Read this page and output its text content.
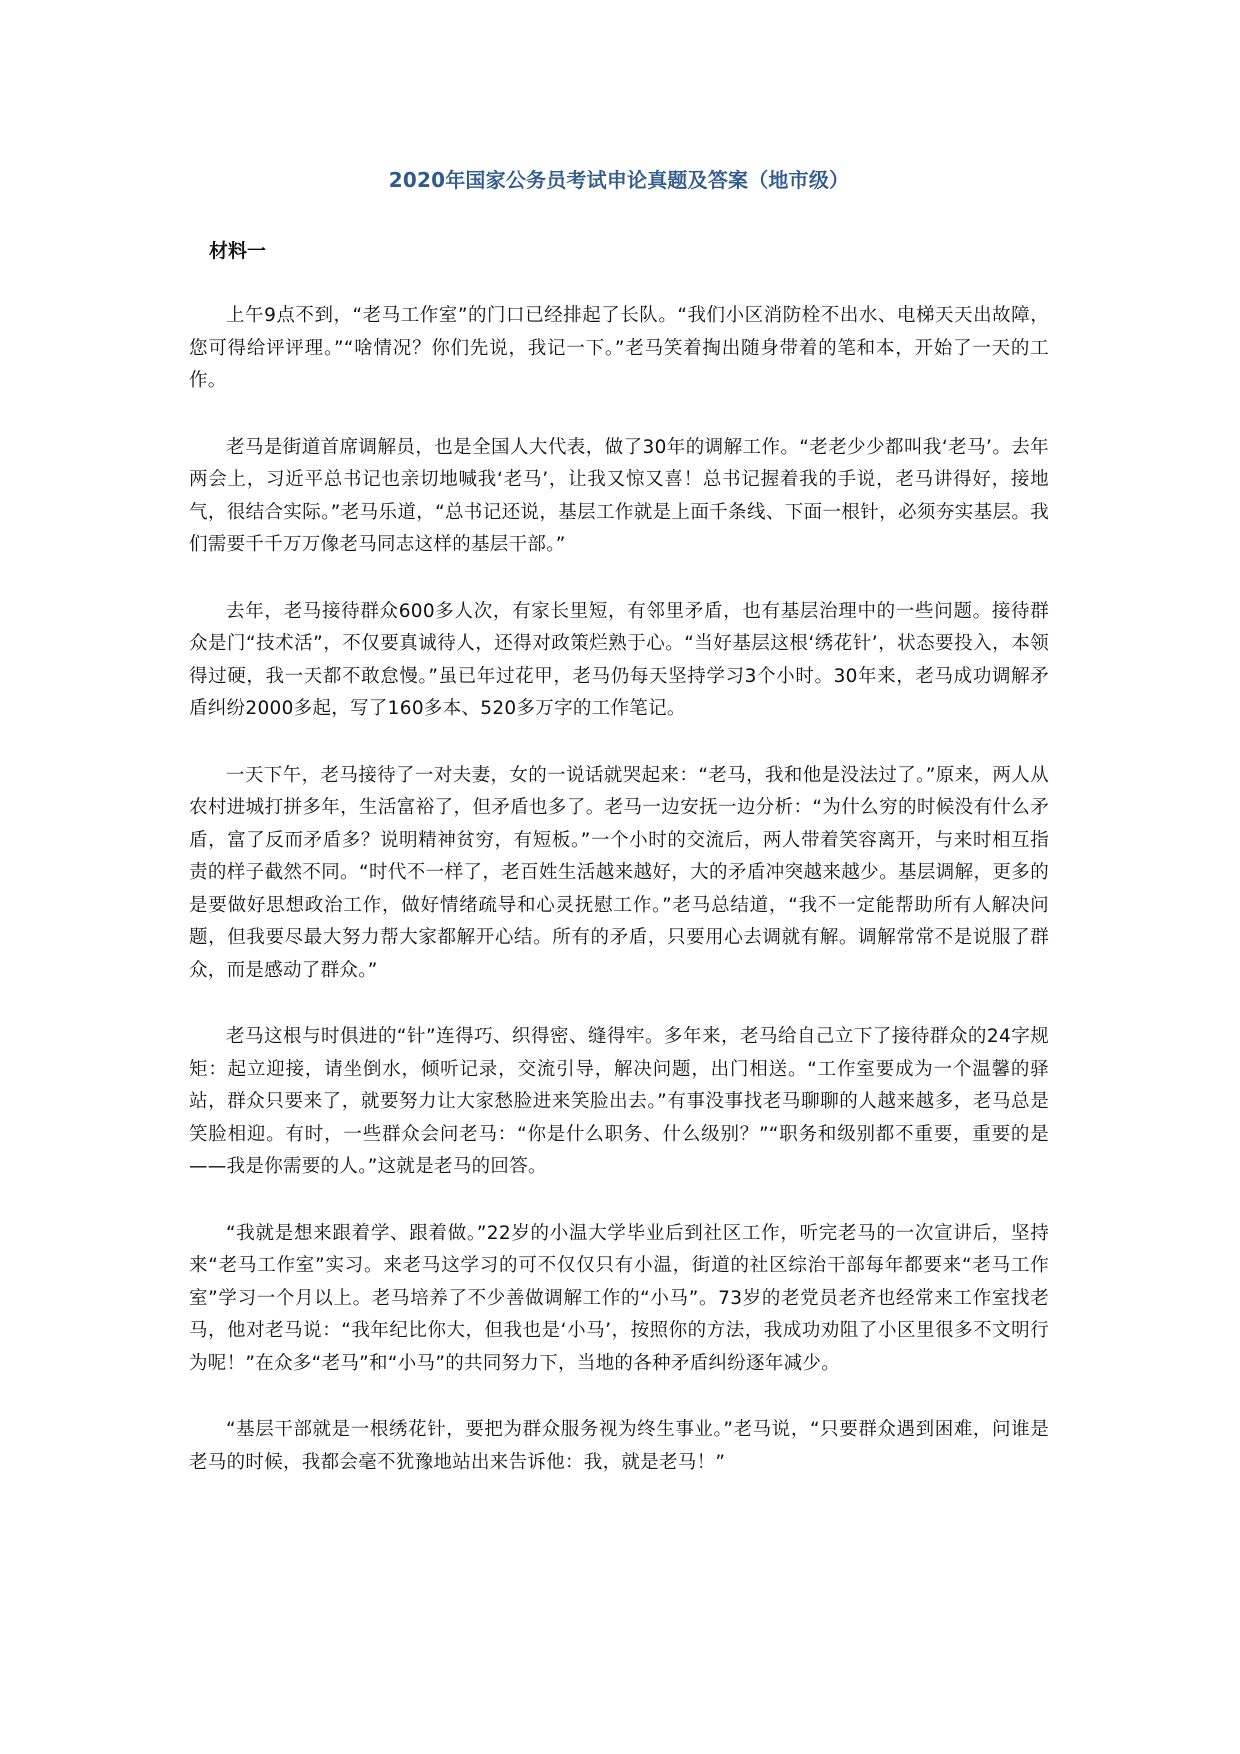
2020年国家公务员考试申论真题及答案（地市级）
材料一

上午9点不到，“老马工作室”的门口已经排起了长队。“我们小区消防栓不出水、电梯天天出故障，您可得给评评理。”“啥情况？你们先说，我记一下。”老马笑着掏出随身带着的笔和本，开始了一天的工作。

老马是街道首席调解员，也是全国人大代表，做了30年的调解工作。“老老少少都叫我‘老马’。去年两会上，习近平总书记也亲切地喊我‘老马’，让我又惊又喜！总书记握着我的手说，老马讲得好，接地气，很结合实际。”老马乐道，“总书记还说，基层工作就是上面千条线、下面一根针，必须夯实基层。我们需要千千万万像老马同志这样的基层干部。”

去年，老马接待群众600多人次，有家长里短，有邻里矛盾，也有基层治理中的一些问题。接待群众是门“技术活”，不仅要真诚待人，还得对政策烂熟于心。“当好基层这根‘绣花针’，状态要投入，本领得过硬，我一天都不敢怠慢。”虽已年过花甲，老马仍每天坚持学习3个小时。30年来，老马成功调解矛盾纠纷2000多起，写了160多本、520多万字的工作笔记。

一天下午，老马接待了一对夫妻，女的一说话就哭起来：“老马，我和他是没法过了。”原来，两人从农村进城打拼多年，生活富裕了，但矛盾也多了。老马一边安抚一边分析：“为什么穷的时候没有什么矛盾，富了反而矛盾多？说明精神贫穷，有短板。”一个小时的交流后，两人带着笑容离开，与来时相互指责的样子截然不同。“时代不一样了，老百姓生活越来越好，大的矛盾冲突越来越少。基层调解，更多的是要做好思想政治工作，做好情绪疏导和心灵抚慰工作。”老马总结道，“我不一定能帮助所有人解决问题，但我要尽最大努力帮大家都解开心结。所有的矛盾，只要用心去调就有解。调解常常不是说服了群众，而是感动了群众。”

老马这根与时俱进的“针”连得巧、织得密、缝得牢。多年来，老马给自己立下了接待群众的24字规矩：起立迎接，请坐倒水，倾听记录，交流引导，解决问题，出门相送。“工作室要成为一个温馨的驿站，群众只要来了，就要努力让大家愁脸进来笑脸出去。”有事没事找老马聊聊的人越来越多，老马总是笑脸相迎。有时，一些群众会问老马：“你是什么职务、什么级别？”“职务和级别都不重要，重要的是——我是你需要的人。”这就是老马的回答。

“我就是想来跟着学、跟着做。”22岁的小温大学毕业后到社区工作，听完老马的一次宣讲后，坚持来“老马工作室”实习。来老马这学习的可不仅仅只有小温，街道的社区综治干部每年都要来“老马工作室”学习一个月以上。老马培养了不少善做调解工作的“小马”。73岁的老党员老齐也经常来工作室找老马，他对老马说：“我年纪比你大，但我也是‘小马’，按照你的方法，我成功劝阻了小区里很多不文明行为呢！”在众多“老马”和“小马”的共同努力下，当地的各种矛盾纠纷逐年减少。

“基层干部就是一根绣花针，要把为群众服务视为终生事业。”老马说，“只要群众遇到困难，问谁是老马的时候，我都会毫不犹豫地站出来告诉他：我，就是老马！”
